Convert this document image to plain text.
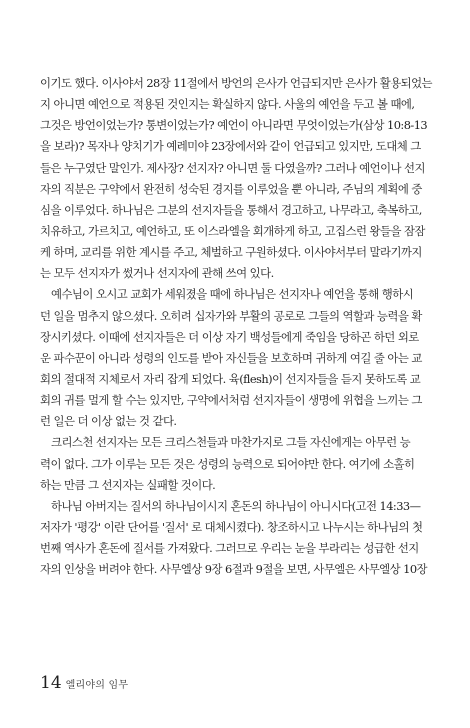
이기도 했다. 이사야서 28장 11절에서 방언의 은사가 언급되지만 은사가 활용되었는
지 아니면 예언으로 적용된 것인지는 확실하지 않다. 사울의 예언을 두고 볼 때에,
그것은 방언이었는가? 통변이었는가? 예언이 아니라면 무엇이었는가(삼상 10:8-13
을 보라)? 목자나 양치기가 예레미야 23장에서와 같이 언급되고 있지만, 도대체 그
들은 누구였단 말인가. 제사장? 선지자? 아니면 둘 다였을까? 그러나 예언이나 선지
자의 직분은 구약에서 완전히 성숙된 경지를 이루었을 뿐 아니라, 주님의 계획에 중
심을 이루었다. 하나님은 그분의 선지자들을 통해서 경고하고, 나무라고, 축복하고,
치유하고, 가르치고, 예언하고, 또 이스라엘을 회개하게 하고, 고집스런 왕들을 잠잠
케 하며, 교리를 위한 계시를 주고, 체벌하고 구원하셨다. 이사야서부터 말라기까지
는 모두 선지자가 썼거나 선지자에 관해 쓰여 있다.
예수님이 오시고 교회가 세워졌을 때에 하나님은 선지자나 예언을 통해 행하시
던 일을 멈추지 않으셨다. 오히려 십자가와 부활의 공로로 그들의 역할과 능력을 확
장시키셨다. 이때에 선지자들은 더 이상 자기 백성들에게 죽임을 당하곤 하던 외로
운 파수꾼이 아니라 성령의 인도를 받아 자신들을 보호하며 귀하게 여길 줄 아는 교
회의 절대적 지체로서 자리 잡게 되었다. 육(flesh)이 선지자들을 듣지 못하도록 교
회의 귀를 멀게 할 수는 있지만, 구약에서처럼 선지자들이 생명에 위협을 느끼는 그
런 일은 더 이상 없는 것 같다.
크리스천 선지자는 모든 크리스천들과 마찬가지로 그들 자신에게는 아무런 능
력이 없다. 그가 이루는 모든 것은 성령의 능력으로 되어야만 한다. 여기에 소홀히
하는 만큼 그 선지자는 실패할 것이다.
하나님 아버지는 질서의 하나님이시지 혼돈의 하나님이 아니시다(고전 14:33—
저자가 '평강' 이란 단어를 '질서' 로 대체시켰다). 창조하시고 나누시는 하나님의 첫
번째 역사가 혼돈에 질서를 가져왔다. 그러므로 우리는 눈을 부라리는 성급한 선지
자의 인상을 버려야 한다. 사무엘상 9장 6절과 9절을 보면, 사무엘은 사무엘상 10장
14 엘리야의 임무
